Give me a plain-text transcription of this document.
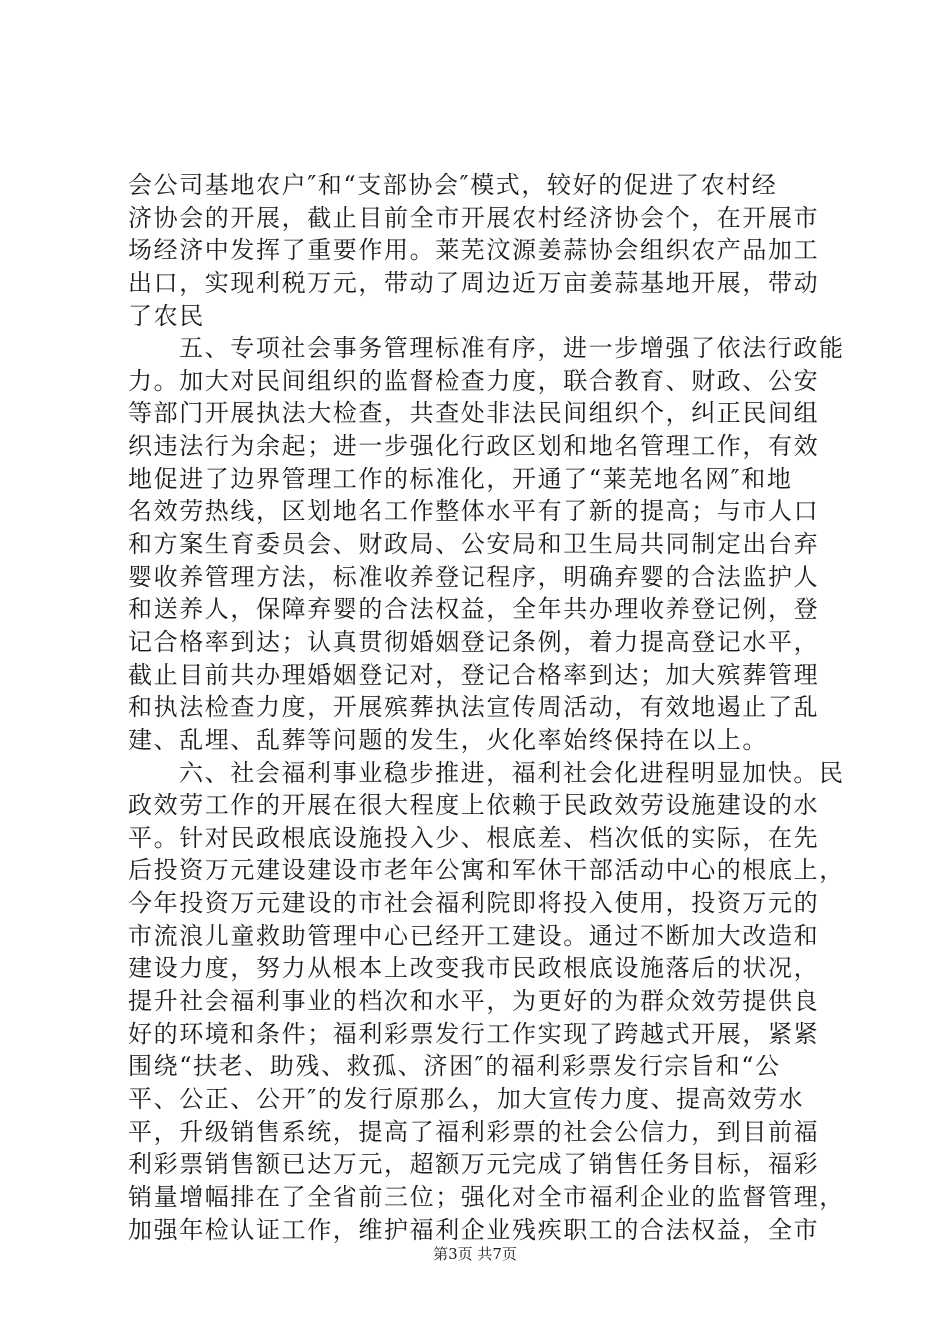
会公司基地农户″和“支部协会″模式，较好的促进了农村经
济协会的开展，截止目前全市开展农村经济协会个，在开展市
场经济中发挥了重要作用。莱芜汶源姜蒜协会组织农产品加工
出口，实现利税万元，带动了周边近万亩姜蒜基地开展，带动
了农民
五、专项社会事务管理标准有序，进一步增强了依法行政能
力。加大对民间组织的监督检查力度，联合教育、财政、公安
等部门开展执法大检查，共查处非法民间组织个，纠正民间组
织违法行为余起；进一步强化行政区划和地名管理工作，有效
地促进了边界管理工作的标准化，开通了“莱芜地名网″和地
名效劳热线，区划地名工作整体水平有了新的提高；与市人口
和方案生育委员会、财政局、公安局和卫生局共同制定出台弃
婴收养管理方法，标准收养登记程序，明确弃婴的合法监护人
和送养人，保障弃婴的合法权益，全年共办理收养登记例，登
记合格率到达；认真贯彻婚姻登记条例，着力提高登记水平，
截止目前共办理婚姻登记对，登记合格率到达；加大殡葬管理
和执法检查力度，开展殡葬执法宣传周活动，有效地遏止了乱
建、乱埋、乱葬等问题的发生，火化率始终保持在以上。
六、社会福利事业稳步推进，福利社会化进程明显加快。民
政效劳工作的开展在很大程度上依赖于民政效劳设施建设的水
平。针对民政根底设施投入少、根底差、档次低的实际，在先
后投资万元建设建设市老年公寓和军休干部活动中心的根底上，
今年投资万元建设的市社会福利院即将投入使用，投资万元的
市流浪儿童救助管理中心已经开工建设。通过不断加大改造和
建设力度，努力从根本上改变我市民政根底设施落后的状况，
提升社会福利事业的档次和水平，为更好的为群众效劳提供良
好的环境和条件；福利彩票发行工作实现了跨越式开展，紧紧
围绕“扶老、助残、救孤、济困″的福利彩票发行宗旨和“公
平、公正、公开″的发行原那么，加大宣传力度、提高效劳水
平，升级销售系统，提高了福利彩票的社会公信力，到目前福
利彩票销售额已达万元，超额万元完成了销售任务目标，福彩
销量增幅排在了全省前三位；强化对全市福利企业的监督管理，
加强年检认证工作，维护福利企业残疾职工的合法权益，全市
第3页 共7页
